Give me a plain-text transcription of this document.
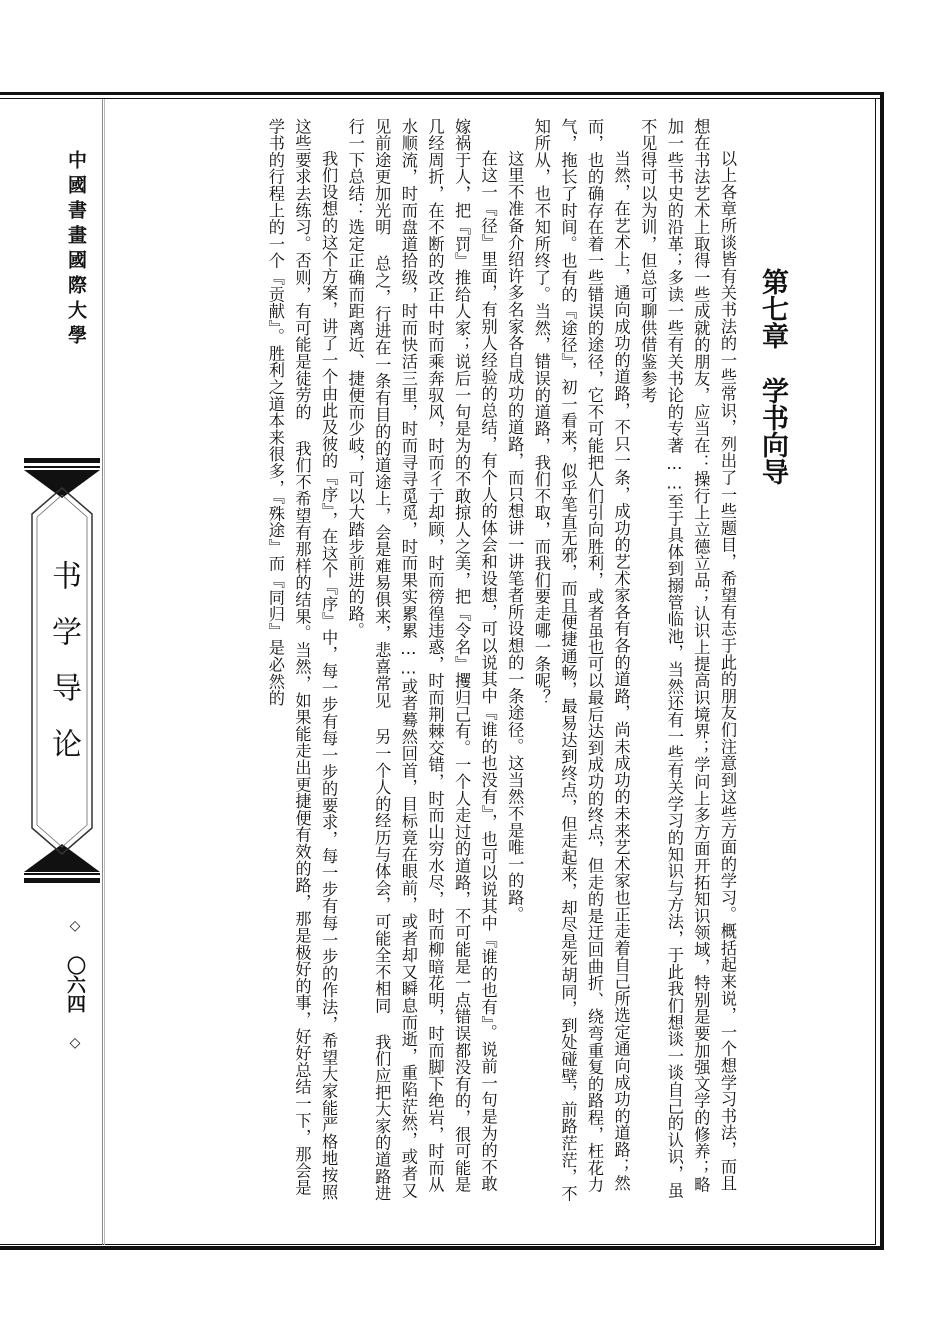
中國書畫國際大學
书学导论
◇ 〇六四 ◇
第七章学书向导

以上各章所谈皆有关书法的一些常识，列出了一些题目，希望有志于此的朋友们注意到这些方面的学习。概括起来说，一个想学习书法，而且想在书法艺术上取得一些成就的朋友，应当在：操行上立德立品；认识上提高识境界；学问上多方面开拓知识领域，特别是要加强文学的修养；略加一些书史的沿革；多读一些有关书论的专著……至于具体到搦管临池，当然还有一些有关学习的知识与方法，于此我们想谈一谈自己的认识，虽不见得可以为训，但总可聊供借鉴参考

当然，在艺术上，通向成功的道路，不只一条，成功的艺术家各有各的道路，尚未成功的未来艺术家也正走着自己所选定通向成功的道路；然而，也的确存在着一些错误的途径，它不可能把人们引向胜利，或者虽也可以最后达到成功的终点，但走的是迂回曲折、绕弯重复的路程，枉花力气，拖长了时间。也有的『途径』，初一看来，似乎笔直无邪，而且便捷通畅，最易达到终点，但走起来，却尽是死胡同，到处碰壁，前路茫茫，不知所从，也不知所终了。当然，错误的道路，我们不取，而我们要走哪一条呢？

这里不准备介绍许多名家各自成功的道路，而只想讲一讲笔者所设想的一条途径。这当然不是唯一的路。

在这一『径』里面，有别人经验的总结，有个人的体会和设想，可以说其中『谁的也没有』，也可以说其中『谁的也有』。说前一句是为的不敢嫁祸于人，把『罚』推给人家；说后一句是为的不敢掠人之美，把『令名』攫归己有。一个人走过的道路，不可能是一点错误都没有的，很可能是几经周折，在不断的改正中时而乘奔驭风，时而彳亍却顾，时而徬徨违惑，时而荆棘交错，时而山穷水尽，时而柳暗花明，时而脚下绝岩，时而从水顺流，时而盘道拾级，时而快活三里，时而寻寻觅觅，时而果实累累……或者蓦然回首，目标竟在眼前，或者却又瞬息而逝，重陷茫然，或者又见前途更加光明 总之，行进在一条有目的的道途上，会是难易俱来，悲喜常见 另一个人的经历与体会，可能全不相同 我们应把大家的道路进行一下总结：选定正确而距离近、捷便而少岐，可以大踏步前进的路。

我们设想的这个方案，讲了一个由此及彼的『序』，在这个『序』中，每一步有每一步的要求，每一步有每一步的作法，希望大家能严格地按照这些要求去练习。否则，有可能是徒劳的 我们不希望有那样的结果。当然，如果能走出更捷便有效的路，那是极好的事，好好总结一下，那会是学书的行程上的一个『贡献』。胜利之道本来很多，『殊途』而『同归』是必然的
